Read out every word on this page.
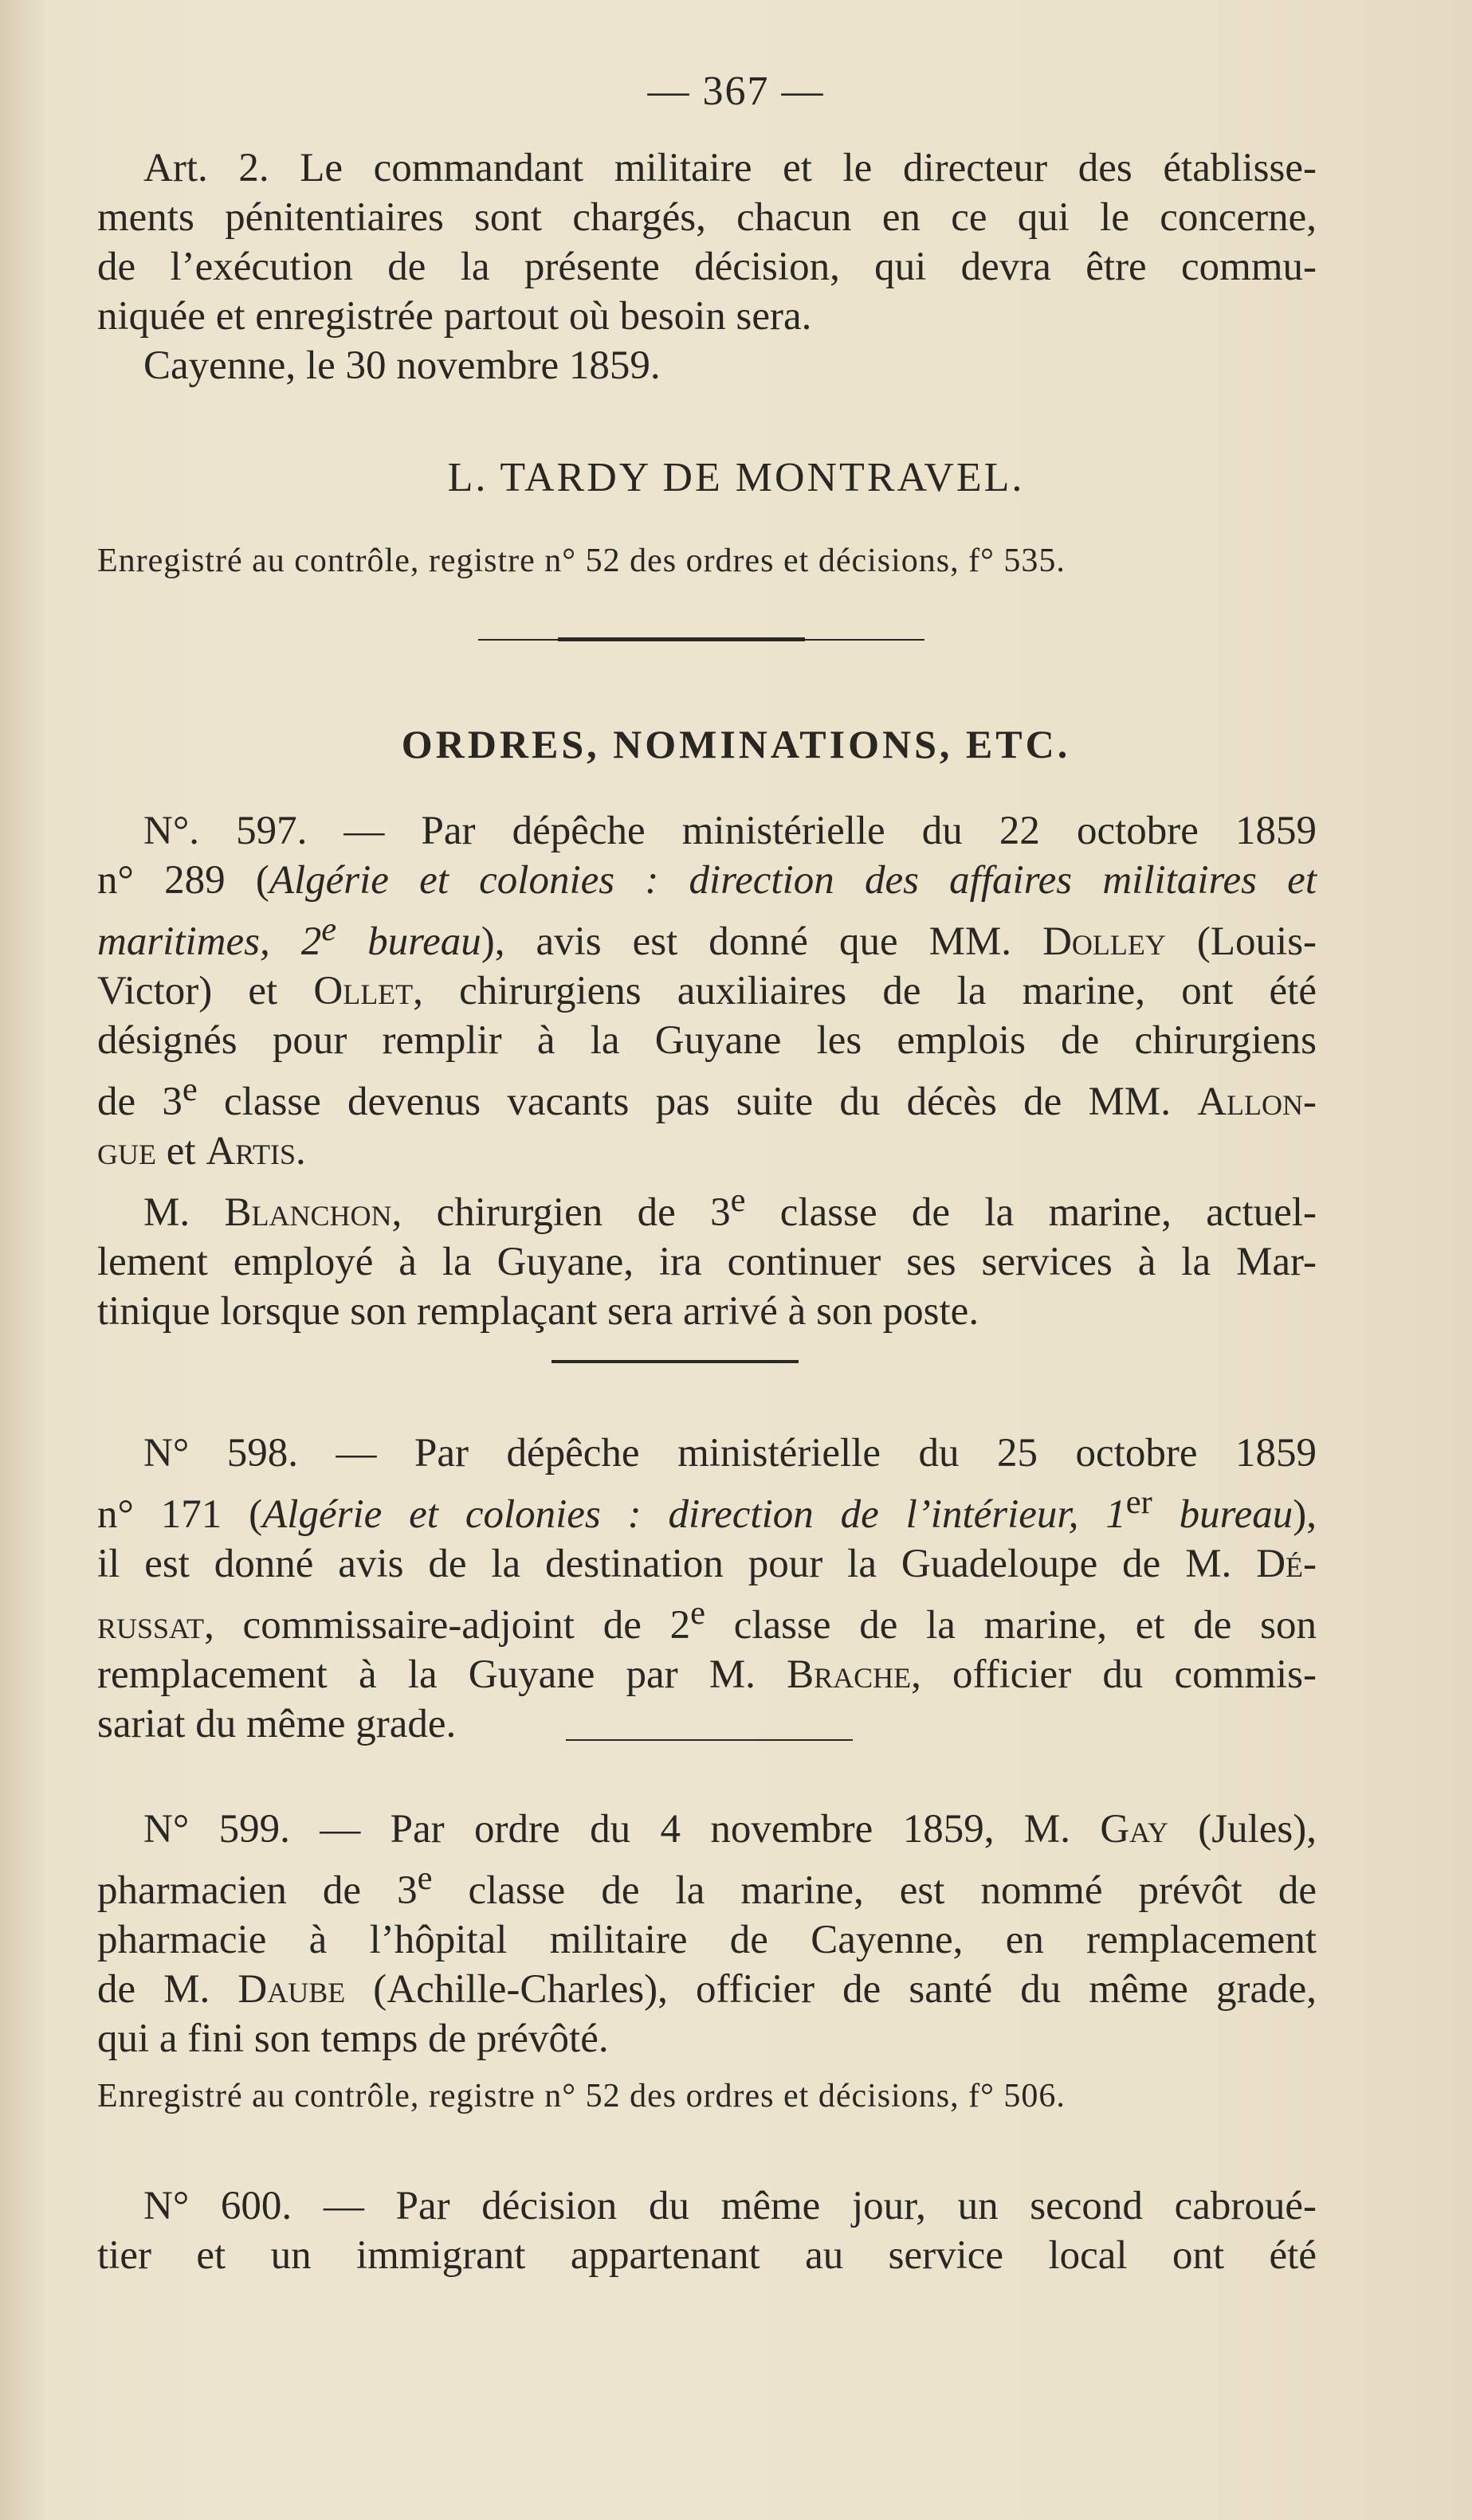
— 367 —

Art. 2. Le commandant militaire et le directeur des établisse-

ments pénitentiaires sont chargés, chacun en ce qui le concerne,

de l’exécution de la présente décision, qui devra être commu-

niquée et enregistrée partout où besoin sera.

Cayenne, le 30 novembre 1859.

L. TARDY DE MONTRAVEL.

Enregistré au contrôle, registre n° 52 des ordres et décisions, f° 535.

ORDRES, NOMINATIONS, ETC.

N°. 597. — Par dépêche ministérielle du 22 octobre 1859

n° 289 (Algérie et colonies : direction des affaires militaires et

maritimes, 2e bureau), avis est donné que MM. Dolley (Louis-

Victor) et Ollet, chirurgiens auxiliaires de la marine, ont été

désignés pour remplir à la Guyane les emplois de chirurgiens

de 3e classe devenus vacants pas suite du décès de MM. Allon-

gue et Artis.

M. Blanchon, chirurgien de 3e classe de la marine, actuel-

lement employé à la Guyane, ira continuer ses services à la Mar-

tinique lorsque son remplaçant sera arrivé à son poste.

N° 598. — Par dépêche ministérielle du 25 octobre 1859

n° 171 (Algérie et colonies : direction de l’intérieur, 1er bureau),

il est donné avis de la destination pour la Guadeloupe de M. Dé-

russat, commissaire-adjoint de 2e classe de la marine, et de son

remplacement à la Guyane par M. Brache, officier du commis-

sariat du même grade.

N° 599. — Par ordre du 4 novembre 1859, M. Gay (Jules),

pharmacien de 3e classe de la marine, est nommé prévôt de

pharmacie à l’hôpital militaire de Cayenne, en remplacement

de M. Daube (Achille-Charles), officier de santé du même grade,

qui a fini son temps de prévôté.

Enregistré au contrôle, registre n° 52 des ordres et décisions, f° 506.

N° 600. — Par décision du même jour, un second cabroué-

tier et un immigrant appartenant au service local ont été
